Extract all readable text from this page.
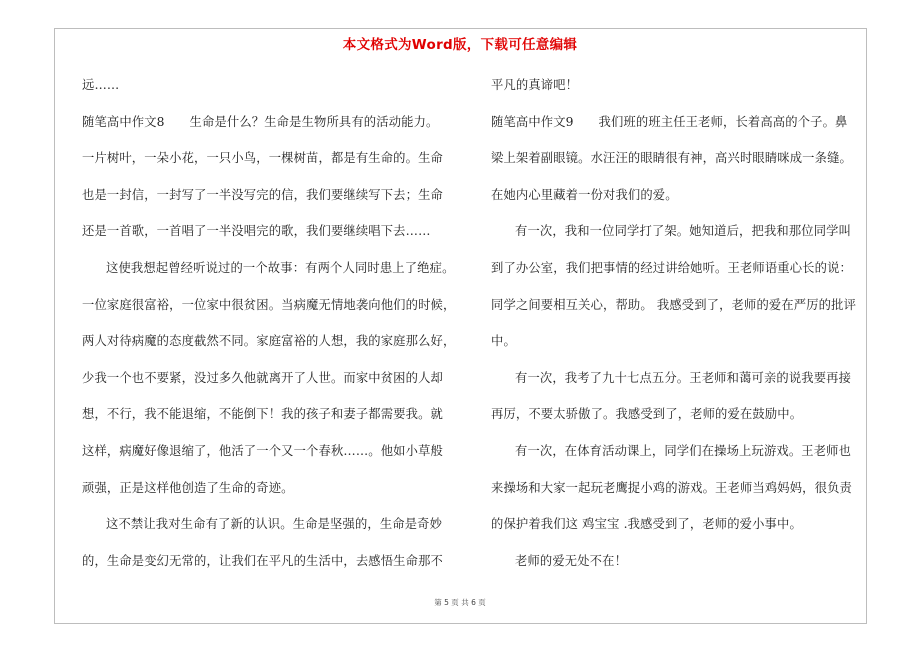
本文格式为Word版，下载可任意编辑
远……
随笔高中作文8　　生命是什么？生命是生物所具有的活动能力。
一片树叶，一朵小花，一只小鸟，一棵树苗，都是有生命的。生命
也是一封信，一封写了一半没写完的信，我们要继续写下去；生命
还是一首歌，一首唱了一半没唱完的歌，我们要继续唱下去……
这使我想起曾经听说过的一个故事：有两个人同时患上了绝症。
一位家庭很富裕，一位家中很贫困。当病魔无情地袭向他们的时候，
两人对待病魔的态度截然不同。家庭富裕的人想，我的家庭那么好，
少我一个也不要紧，没过多久他就离开了人世。而家中贫困的人却
想，不行，我不能退缩，不能倒下！我的孩子和妻子都需要我。就
这样，病魔好像退缩了，他活了一个又一个春秋……。他如小草般
顽强，正是这样他创造了生命的奇迹。
这不禁让我对生命有了新的认识。生命是坚强的，生命是奇妙
的，生命是变幻无常的，让我们在平凡的生活中，去感悟生命那不
平凡的真谛吧！
随笔高中作文9　　我们班的班主任王老师，长着高高的个子。鼻
梁上架着副眼镜。水汪汪的眼睛很有神，高兴时眼睛咪成一条缝。
在她内心里藏着一份对我们的爱。
有一次，我和一位同学打了架。她知道后，把我和那位同学叫
到了办公室，我们把事情的经过讲给她听。王老师语重心长的说：
同学之间要相互关心，帮助。 我感受到了，老师的爱在严厉的批评
中。
有一次，我考了九十七点五分。王老师和蔼可亲的说我要再接
再厉，不要太骄傲了。我感受到了，老师的爱在鼓励中。
有一次，在体育活动课上，同学们在操场上玩游戏。王老师也
来操场和大家一起玩老鹰捉小鸡的游戏。王老师当鸡妈妈，很负责
的保护着我们这 鸡宝宝 .我感受到了，老师的爱小事中。
老师的爱无处不在！
第 5 页 共 6 页
